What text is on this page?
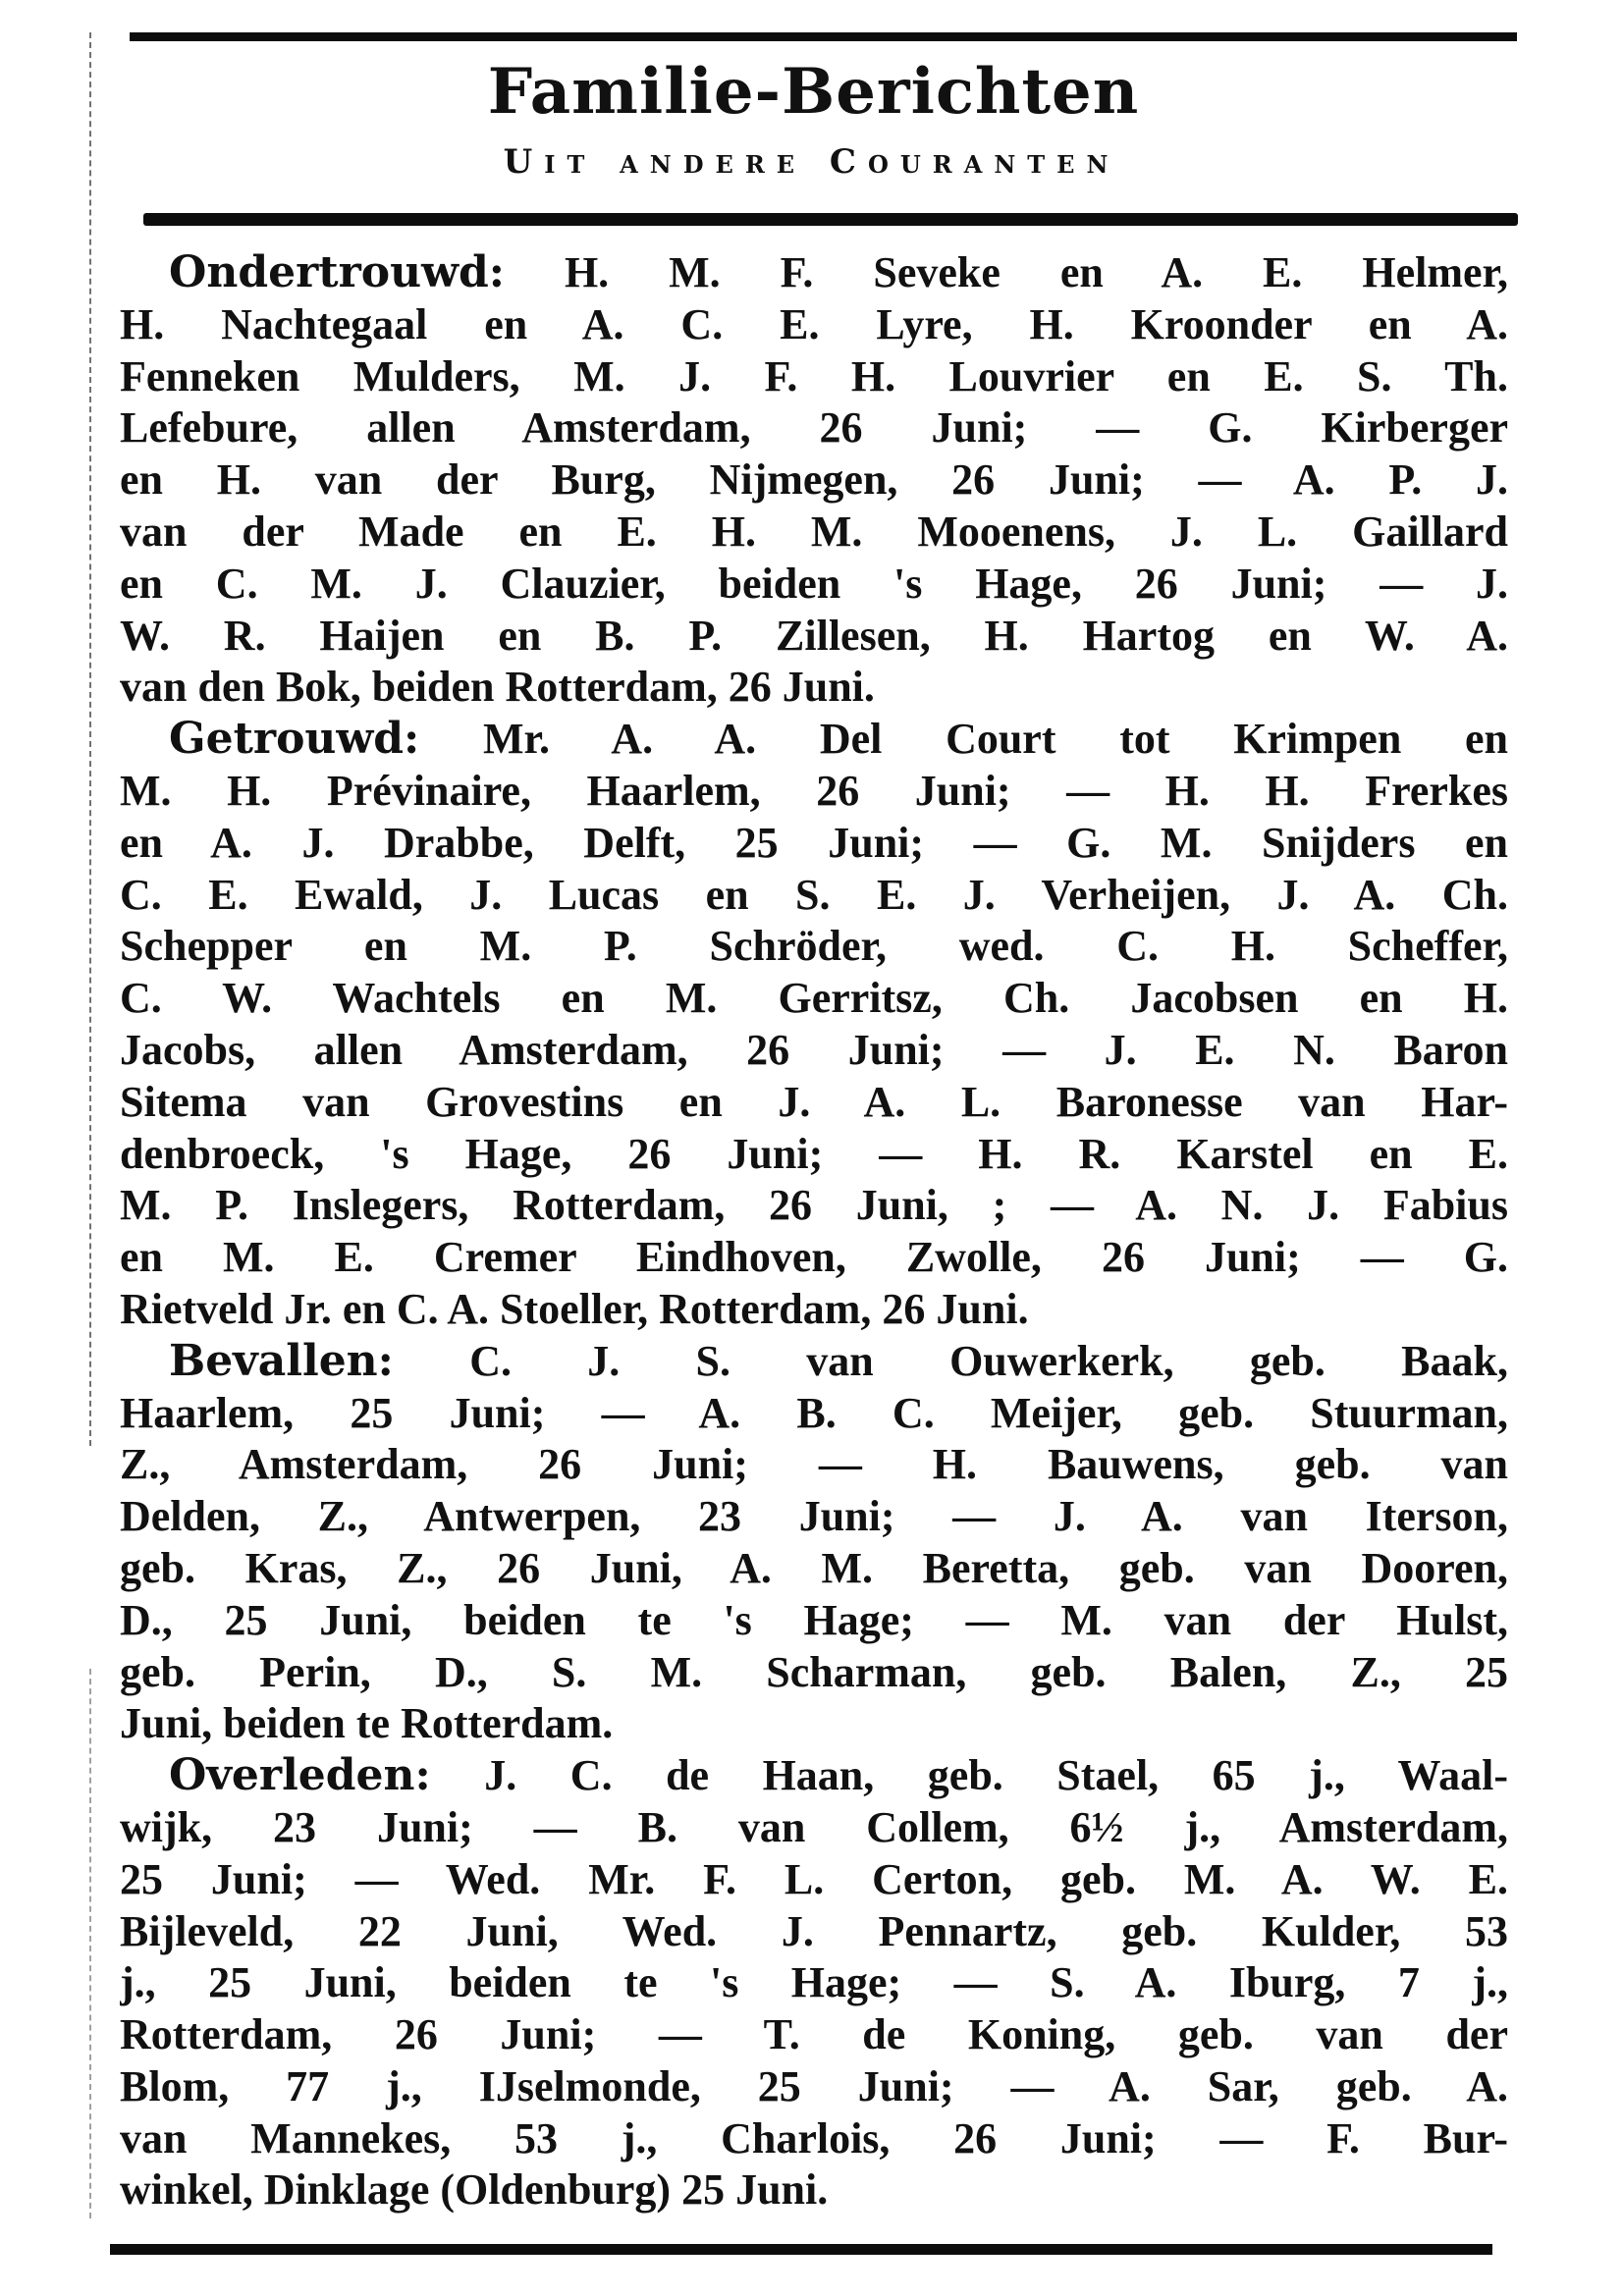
Familie-Berichten
Uit andere Couranten
Ondertrouwd: H. M. F. Seveke en A. E. Helmer,
H. Nachtegaal en A. C. E. Lyre, H. Kroonder en A.
Fenneken Mulders, M. J. F. H. Louvrier en E. S. Th.
Lefebure, allen Amsterdam, 26 Juni; — G. Kirberger
en H. van der Burg, Nijmegen, 26 Juni; — A. P. J.
van der Made en E. H. M. Mooenens, J. L. Gaillard
en C. M. J. Clauzier, beiden 's Hage, 26 Juni; — J.
W. R. Haijen en B. P. Zillesen, H. Hartog en W. A.
van den Bok, beiden Rotterdam, 26 Juni.
Getrouwd: Mr. A. A. Del Court tot Krimpen en
M. H. Prévinaire, Haarlem, 26 Juni; — H. H. Frerkes
en A. J. Drabbe, Delft, 25 Juni; — G. M. Snijders en
C. E. Ewald, J. Lucas en S. E. J. Verheijen, J. A. Ch.
Schepper en M. P. Schröder, wed. C. H. Scheffer,
C. W. Wachtels en M. Gerritsz, Ch. Jacobsen en H.
Jacobs, allen Amsterdam, 26 Juni; — J. E. N. Baron
Sitema van Grovestins en J. A. L. Baronesse van Har-
denbroeck, 's Hage, 26 Juni; — H. R. Karstel en E.
M. P. Inslegers, Rotterdam, 26 Juni, ; — A. N. J. Fabius
en M. E. Cremer Eindhoven, Zwolle, 26 Juni; — G.
Rietveld Jr. en C. A. Stoeller, Rotterdam, 26 Juni.
Bevallen: C. J. S. van Ouwerkerk, geb. Baak,
Haarlem, 25 Juni; — A. B. C. Meijer, geb. Stuurman,
Z., Amsterdam, 26 Juni; — H. Bauwens, geb. van
Delden, Z., Antwerpen, 23 Juni; — J. A. van Iterson,
geb. Kras, Z., 26 Juni, A. M. Beretta, geb. van Dooren,
D., 25 Juni, beiden te 's Hage; — M. van der Hulst,
geb. Perin, D., S. M. Scharman, geb. Balen, Z., 25
Juni, beiden te Rotterdam.
Overleden: J. C. de Haan, geb. Stael, 65 j., Waal-
wijk, 23 Juni; — B. van Collem, 6½ j., Amsterdam,
25 Juni; — Wed. Mr. F. L. Certon, geb. M. A. W. E.
Bijleveld, 22 Juni, Wed. J. Pennartz, geb. Kulder, 53
j., 25 Juni, beiden te 's Hage; — S. A. Iburg, 7 j.,
Rotterdam, 26 Juni; — T. de Koning, geb. van der
Blom, 77 j., IJselmonde, 25 Juni; — A. Sar, geb. A.
van Mannekes, 53 j., Charlois, 26 Juni; — F. Bur-
winkel, Dinklage (Oldenburg) 25 Juni.
